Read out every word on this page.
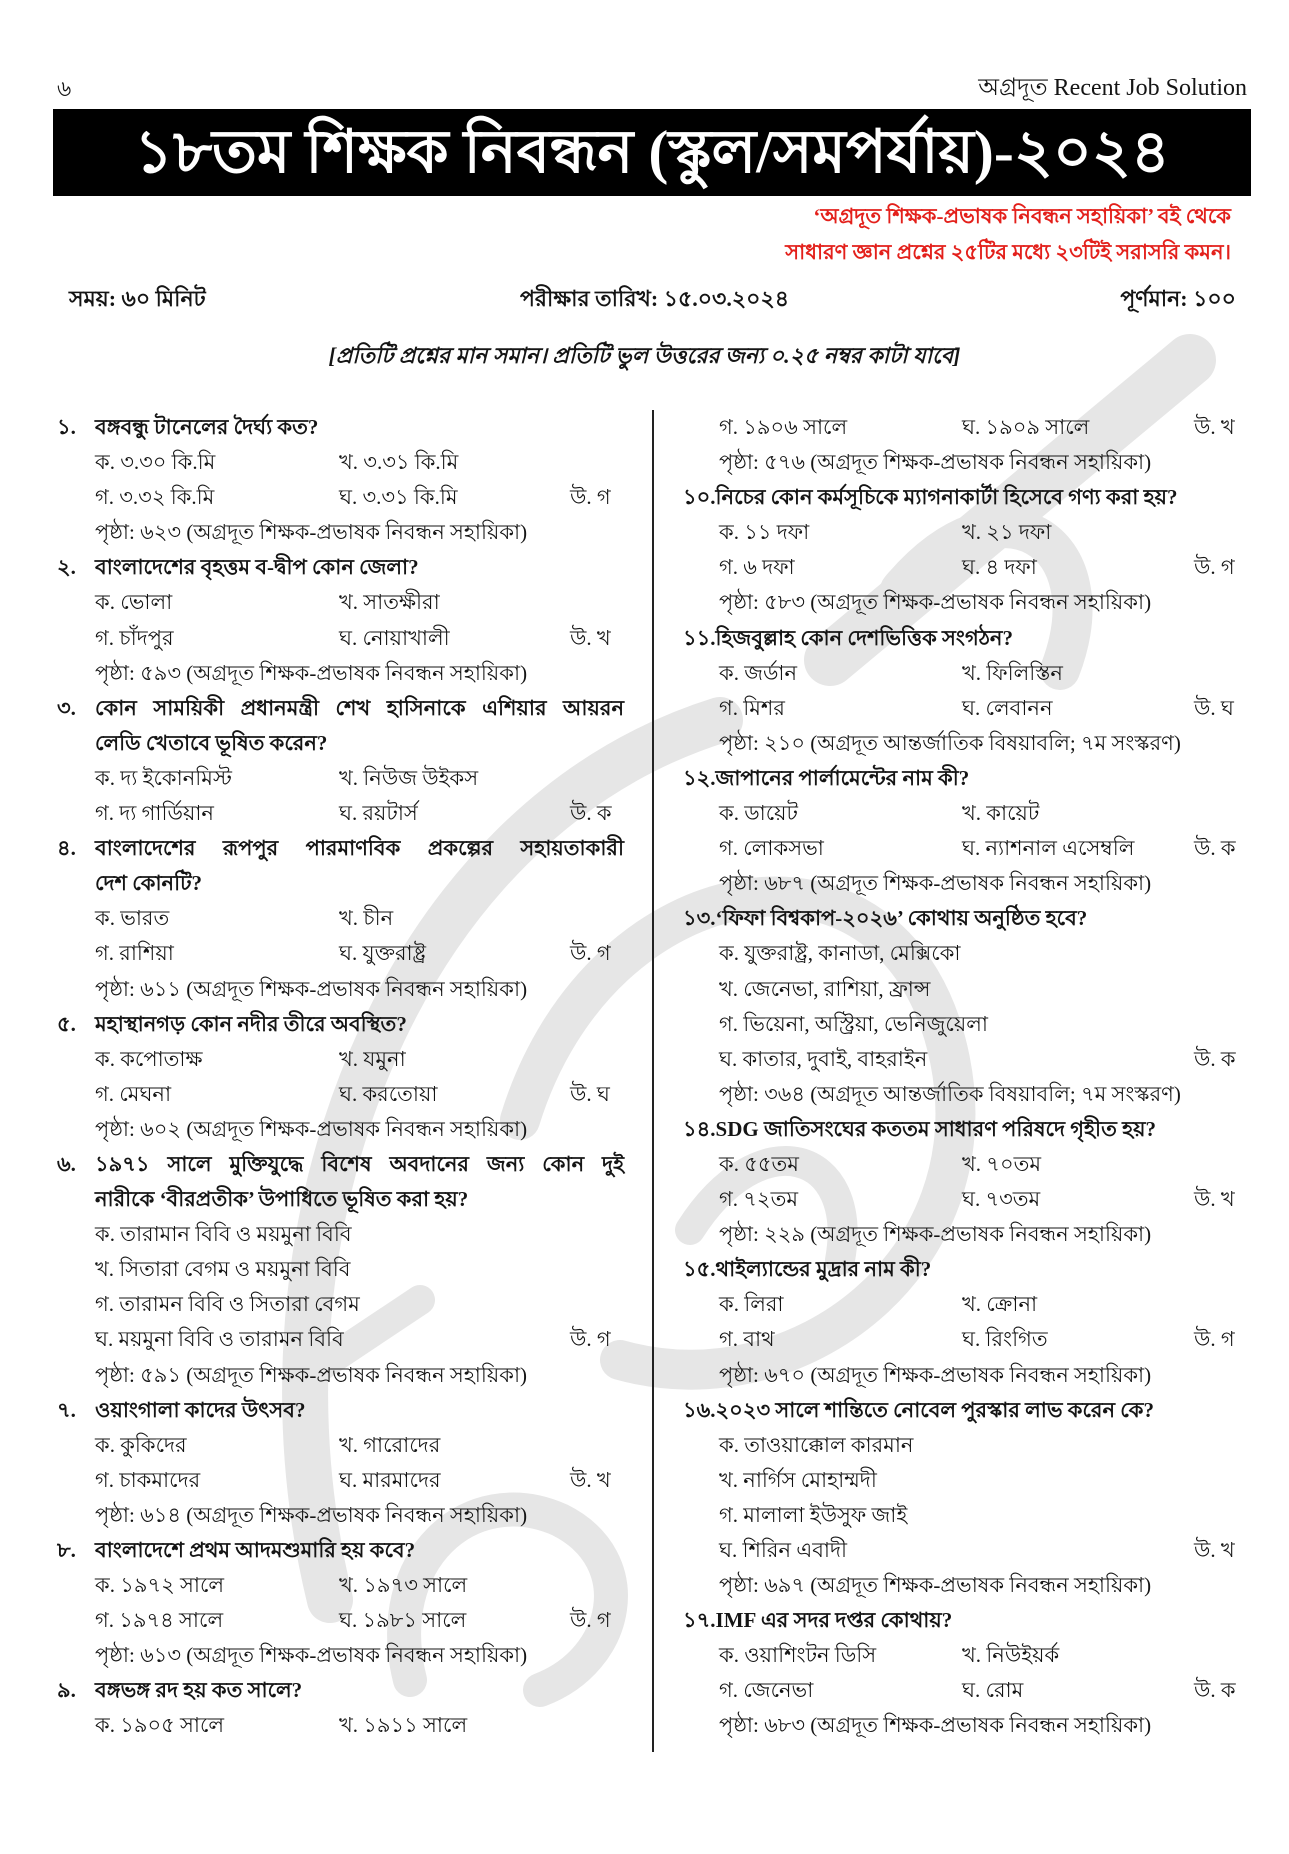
৬	অগ্রদূত Recent Job Solution
১৮তম শিক্ষক নিবন্ধন (স্কুল/সমপর্যায়)-২০২৪
‘অগ্রদূত শিক্ষক-প্রভাষক নিবন্ধন সহায়িকা’ বই থেকে
সাধারণ জ্ঞান প্রশ্নের ২৫টির মধ্যে ২৩টিই সরাসরি কমন।
সময়: ৬০ মিনিট	পরীক্ষার তারিখ: ১৫.০৩.২০২৪	পূর্ণমান: ১০০
[প্রতিটি প্রশ্নের মান সমান। প্রতিটি ভুল উত্তরের জন্য ০.২৫ নম্বর কাটা যাবে]
১. বঙ্গবন্ধু টানেলের দৈর্ঘ্য কত?
ক. ৩.৩০ কি.মি	খ. ৩.৩১ কি.মি
গ. ৩.৩২ কি.মি	ঘ. ৩.৩১ কি.মি	উ. গ
পৃষ্ঠা: ৬২৩ (অগ্রদূত শিক্ষক-প্রভাষক নিবন্ধন সহায়িকা)
২. বাংলাদেশের বৃহত্তম ব-দ্বীপ কোন জেলা?
ক. ভোলা	খ. সাতক্ষীরা
গ. চাঁদপুর	ঘ. নোয়াখালী	উ. খ
পৃষ্ঠা: ৫৯৩ (অগ্রদূত শিক্ষক-প্রভাষক নিবন্ধন সহায়িকা)
৩. কোন সাময়িকী প্রধানমন্ত্রী শেখ হাসিনাকে এশিয়ার আয়রন
লেডি খেতাবে ভূষিত করেন?
ক. দ্য ইকোনমিস্ট	খ. নিউজ উইকস
গ. দ্য গার্ডিয়ান	ঘ. রয়টার্স	উ. ক
৪. বাংলাদেশের রূপপুর পারমাণবিক প্রকল্পের সহায়তাকারী
দেশ কোনটি?
ক. ভারত	খ. চীন
গ. রাশিয়া	ঘ. যুক্তরাষ্ট্র	উ. গ
পৃষ্ঠা: ৬১১ (অগ্রদূত শিক্ষক-প্রভাষক নিবন্ধন সহায়িকা)
৫. মহাস্থানগড় কোন নদীর তীরে অবস্থিত?
ক. কপোতাক্ষ	খ. যমুনা
গ. মেঘনা	ঘ. করতোয়া	উ. ঘ
পৃষ্ঠা: ৬০২ (অগ্রদূত শিক্ষক-প্রভাষক নিবন্ধন সহায়িকা)
৬. ১৯৭১ সালে মুক্তিযুদ্ধে বিশেষ অবদানের জন্য কোন দুই
নারীকে ‘বীরপ্রতীক’ উপাধিতে ভূষিত করা হয়?
ক. তারামান বিবি ও ময়মুনা বিবি
খ. সিতারা বেগম ও ময়মুনা বিবি
গ. তারামন বিবি ও সিতারা বেগম
ঘ. ময়মুনা বিবি ও তারামন বিবি	উ. গ
পৃষ্ঠা: ৫৯১ (অগ্রদূত শিক্ষক-প্রভাষক নিবন্ধন সহায়িকা)
৭. ওয়াংগালা কাদের উৎসব?
ক. কুকিদের	খ. গারোদের
গ. চাকমাদের	ঘ. মারমাদের	উ. খ
পৃষ্ঠা: ৬১৪ (অগ্রদূত শিক্ষক-প্রভাষক নিবন্ধন সহায়িকা)
৮. বাংলাদেশে প্রথম আদমশুমারি হয় কবে?
ক. ১৯৭২ সালে	খ. ১৯৭৩ সালে
গ. ১৯৭৪ সালে	ঘ. ১৯৮১ সালে	উ. গ
পৃষ্ঠা: ৬১৩ (অগ্রদূত শিক্ষক-প্রভাষক নিবন্ধন সহায়িকা)
৯. বঙ্গভঙ্গ রদ হয় কত সালে?
ক. ১৯০৫ সালে	খ. ১৯১১ সালে
গ. ১৯০৬ সালে	ঘ. ১৯০৯ সালে	উ. খ
পৃষ্ঠা: ৫৭৬ (অগ্রদূত শিক্ষক-প্রভাষক নিবন্ধন সহায়িকা)
১০. নিচের কোন কর্মসূচিকে ম্যাগনাকার্টা হিসেবে গণ্য করা হয়?
ক. ১১ দফা	খ. ২১ দফা
গ. ৬ দফা	ঘ. ৪ দফা	উ. গ
পৃষ্ঠা: ৫৮৩ (অগ্রদূত শিক্ষক-প্রভাষক নিবন্ধন সহায়িকা)
১১. হিজবুল্লাহ কোন দেশভিত্তিক সংগঠন?
ক. জর্ডান	খ. ফিলিস্তিন
গ. মিশর	ঘ. লেবানন	উ. ঘ
পৃষ্ঠা: ২১০ (অগ্রদূত আন্তর্জাতিক বিষয়াবলি; ৭ম সংস্করণ)
১২. জাপানের পার্লামেন্টের নাম কী?
ক. ডায়েট	খ. কায়েট
গ. লোকসভা	ঘ. ন্যাশনাল এসেম্বলি	উ. ক
পৃষ্ঠা: ৬৮৭ (অগ্রদূত শিক্ষক-প্রভাষক নিবন্ধন সহায়িকা)
১৩. ‘ফিফা বিশ্বকাপ-২০২৬’ কোথায় অনুষ্ঠিত হবে?
ক. যুক্তরাষ্ট্র, কানাডা, মেক্সিকো
খ. জেনেভা, রাশিয়া, ফ্রান্স
গ. ভিয়েনা, অস্ট্রিয়া, ভেনিজুয়েলা
ঘ. কাতার, দুবাই, বাহরাইন	উ. ক
পৃষ্ঠা: ৩৬৪ (অগ্রদূত আন্তর্জাতিক বিষয়াবলি; ৭ম সংস্করণ)
১৪. SDG জাতিসংঘের কততম সাধারণ পরিষদে গৃহীত হয়?
ক. ৫৫তম	খ. ৭০তম
গ. ৭২তম	ঘ. ৭৩তম	উ. খ
পৃষ্ঠা: ২২৯ (অগ্রদূত শিক্ষক-প্রভাষক নিবন্ধন সহায়িকা)
১৫. থাইল্যান্ডের মুদ্রার নাম কী?
ক. লিরা	খ. ক্রোনা
গ. বাথ	ঘ. রিংগিত	উ. গ
পৃষ্ঠা: ৬৭০ (অগ্রদূত শিক্ষক-প্রভাষক নিবন্ধন সহায়িকা)
১৬. ২০২৩ সালে শান্তিতে নোবেল পুরস্কার লাভ করেন কে?
ক. তাওয়াক্কোল কারমান
খ. নার্গিস মোহাম্মদী
গ. মালালা ইউসুফ জাই
ঘ. শিরিন এবাদী	উ. খ
পৃষ্ঠা: ৬৯৭ (অগ্রদূত শিক্ষক-প্রভাষক নিবন্ধন সহায়িকা)
১৭. IMF এর সদর দপ্তর কোথায়?
ক. ওয়াশিংটন ডিসি	খ. নিউইয়র্ক
গ. জেনেভা	ঘ. রোম	উ. ক
পৃষ্ঠা: ৬৮৩ (অগ্রদূত শিক্ষক-প্রভাষক নিবন্ধন সহায়িকা)
